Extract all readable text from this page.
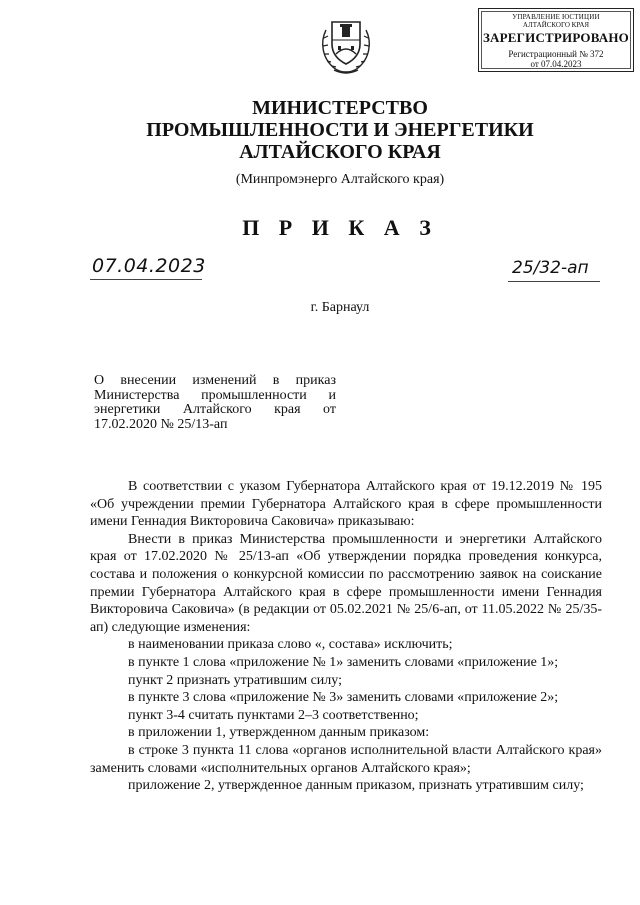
УПРАВЛЕНИЕ ЮСТИЦИИ
АЛТАЙСКОГО КРАЯ
ЗАРЕГИСТРИРОВАНО
Регистрационный № 372
от 07.04.2023
МИНИСТЕРСТВО
ПРОМЫШЛЕННОСТИ И ЭНЕРГЕТИКИ
АЛТАЙСКОГО КРАЯ
(Минпромэнерго Алтайского края)
П Р И К А З
07.04.2023	25/32-ап
г. Барнаул
О внесении изменений в приказ Министерства промышленности и энергетики Алтайского края от 17.02.2020 № 25/13-ап

В соответствии с указом Губернатора Алтайского края от 19.12.2019 № 195 «Об учреждении премии Губернатора Алтайского края в сфере промышленности имени Геннадия Викторовича Саковича» приказываю:

Внести в приказ Министерства промышленности и энергетики Алтайского края от 17.02.2020 № 25/13-ап «Об утверждении порядка проведения конкурса, состава и положения о конкурсной комиссии по рассмотрению заявок на соискание премии Губернатора Алтайского края в сфере промышленности имени Геннадия Викторовича Саковича» (в редакции от 05.02.2021 № 25/6-ап, от 11.05.2022 № 25/35-ап) следующие изменения:

в наименовании приказа слово «, состава» исключить;

в пункте 1 слова «приложение № 1» заменить словами «приложение 1»;

пункт 2 признать утратившим силу;

в пункте 3 слова «приложение № 3» заменить словами «приложение 2»;

пункт 3-4 считать пунктами 2–3 соответственно;

в приложении 1, утвержденном данным приказом:

в строке 3 пункта 11 слова «органов исполнительной власти Алтайского края» заменить словами «исполнительных органов Алтайского края»;

приложение 2, утвержденное данным приказом, признать утратившим силу;
